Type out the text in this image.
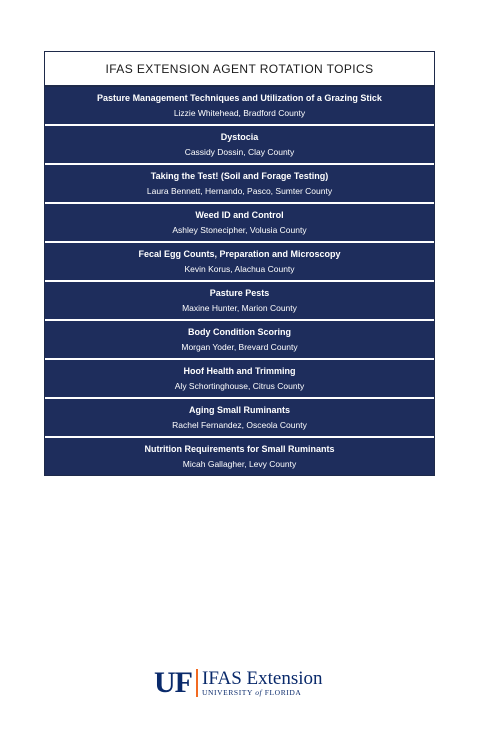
IFAS EXTENSION AGENT ROTATION TOPICS
Pasture Management Techniques and Utilization of a Grazing Stick
Lizzie Whitehead, Bradford County
Dystocia
Cassidy Dossin, Clay County
Taking the Test! (Soil and Forage Testing)
Laura Bennett, Hernando, Pasco, Sumter County
Weed ID and Control
Ashley Stonecipher, Volusia County
Fecal Egg Counts, Preparation and Microscopy
Kevin Korus, Alachua County
Pasture Pests
Maxine Hunter, Marion County
Body Condition Scoring
Morgan Yoder, Brevard County
Hoof Health and Trimming
Aly Schortinghouse, Citrus County
Aging Small Ruminants
Rachel Fernandez, Osceola County
Nutrition Requirements for Small Ruminants
Micah Gallagher, Levy County
UF IFAS Extension
UNIVERSITY of FLORIDA
